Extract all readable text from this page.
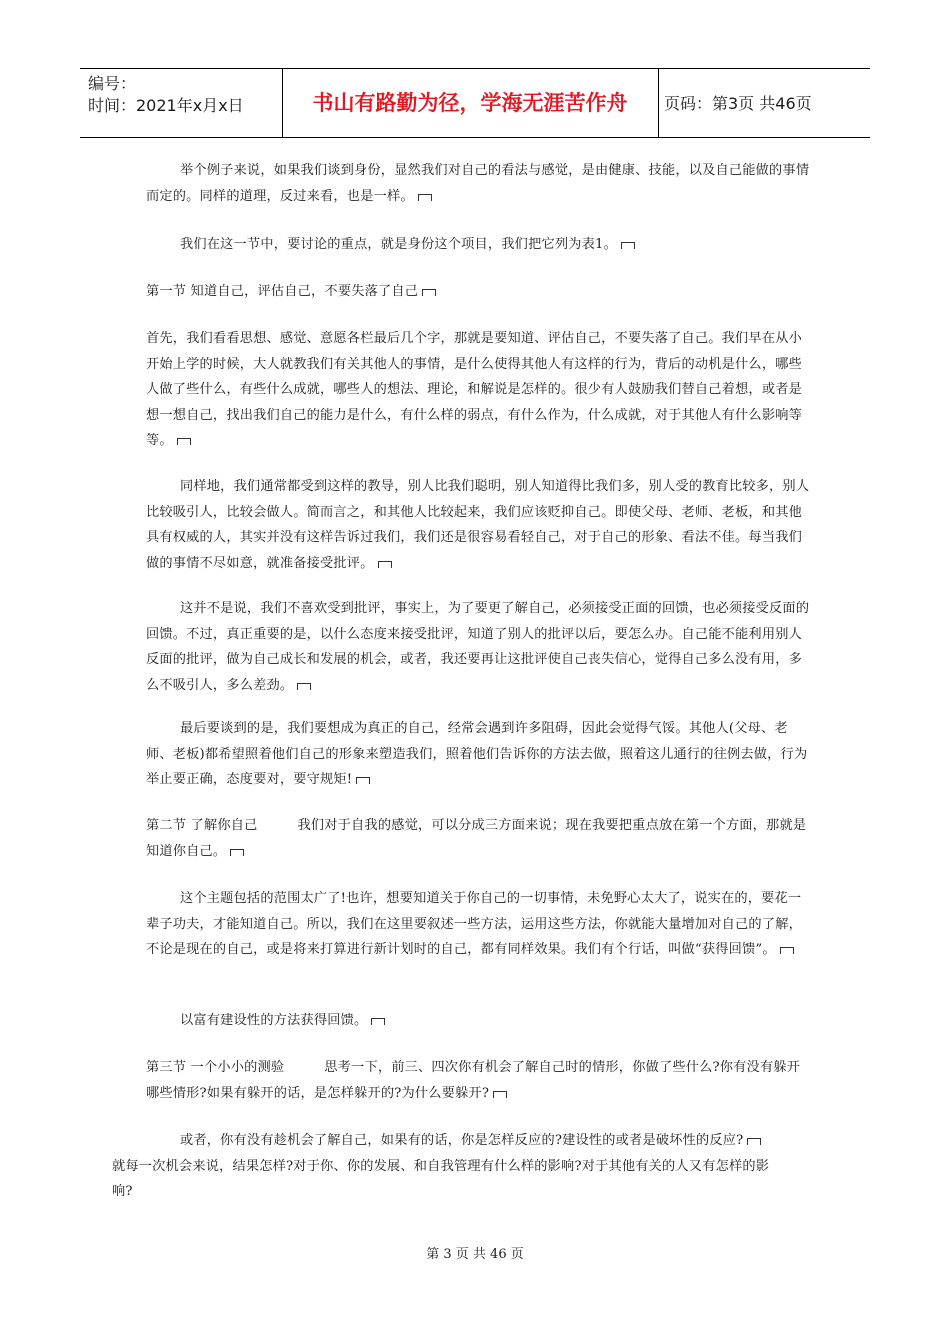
编号：
时间：2021年x月x日	书山有路勤为径，学海无涯苦作舟	页码：第3页 共46页
举个例子来说，如果我们谈到身份，显然我们对自己的看法与感觉，是由健康、技能，以及自己能做的事情而定的。同样的道理，反过来看，也是一样。
我们在这一节中，要讨论的重点，就是身份这个项目，我们把它列为表1。
第一节 知道自己，评估自己，不要失落了自己
首先，我们看看思想、感觉、意愿各栏最后几个字，那就是要知道、评估自己，不要失落了自己。我们早在从小开始上学的时候，大人就教我们有关其他人的事情，是什么使得其他人有这样的行为，背后的动机是什么，哪些人做了些什么，有些什么成就，哪些人的想法、理论，和解说是怎样的。很少有人鼓励我们替自己着想，或者是想一想自己，找出我们自己的能力是什么，有什么样的弱点，有什么作为，什么成就，对于其他人有什么影响等等。
同样地，我们通常都受到这样的教导，别人比我们聪明，别人知道得比我们多，别人受的教育比较多，别人比较吸引人，比较会做人。简而言之，和其他人比较起来，我们应该贬抑自己。即使父母、老师、老板，和其他具有权威的人，其实并没有这样告诉过我们，我们还是很容易看轻自己，对于自己的形象、看法不佳。每当我们做的事情不尽如意，就准备接受批评。
这并不是说，我们不喜欢受到批评，事实上，为了要更了解自己，必须接受正面的回馈，也必须接受反面的回馈。不过，真正重要的是，以什么态度来接受批评，知道了别人的批评以后，要怎么办。自己能不能利用别人反面的批评，做为自己成长和发展的机会，或者，我还要再让这批评使自己丧失信心，觉得自己多么没有用，多么不吸引人，多么差劲。
最后要谈到的是，我们要想成为真正的自己，经常会遇到许多阻碍，因此会觉得气馁。其他人(父母、老师、老板)都希望照着他们自己的形象来塑造我们，照着他们告诉你的方法去做，照着这儿通行的往例去做，行为举止要正确，态度要对，要守规矩!
第二节 了解你自己	我们对于自我的感觉，可以分成三方面来说；现在我要把重点放在第一个方面，那就是知道你自己。
这个主题包括的范围太广了!也许，想要知道关于你自己的一切事情，未免野心太大了，说实在的，要花一辈子功夫，才能知道自己。所以，我们在这里要叙述一些方法，运用这些方法，你就能大量增加对自己的了解，不论是现在的自己，或是将来打算进行新计划时的自己，都有同样效果。我们有个行话，叫做“获得回馈”。
以富有建设性的方法获得回馈。
第三节 一个小小的测验	思考一下，前三、四次你有机会了解自己时的情形，你做了些什么?你有没有躲开哪些情形?如果有躲开的话，是怎样躲开的?为什么要躲开?
或者，你有没有趁机会了解自己，如果有的话，你是怎样反应的?建设性的或者是破坏性的反应?
就每一次机会来说，结果怎样?对于你、你的发展、和自我管理有什么样的影响?对于其他有关的人又有怎样的影响?
第 3 页 共 46 页
